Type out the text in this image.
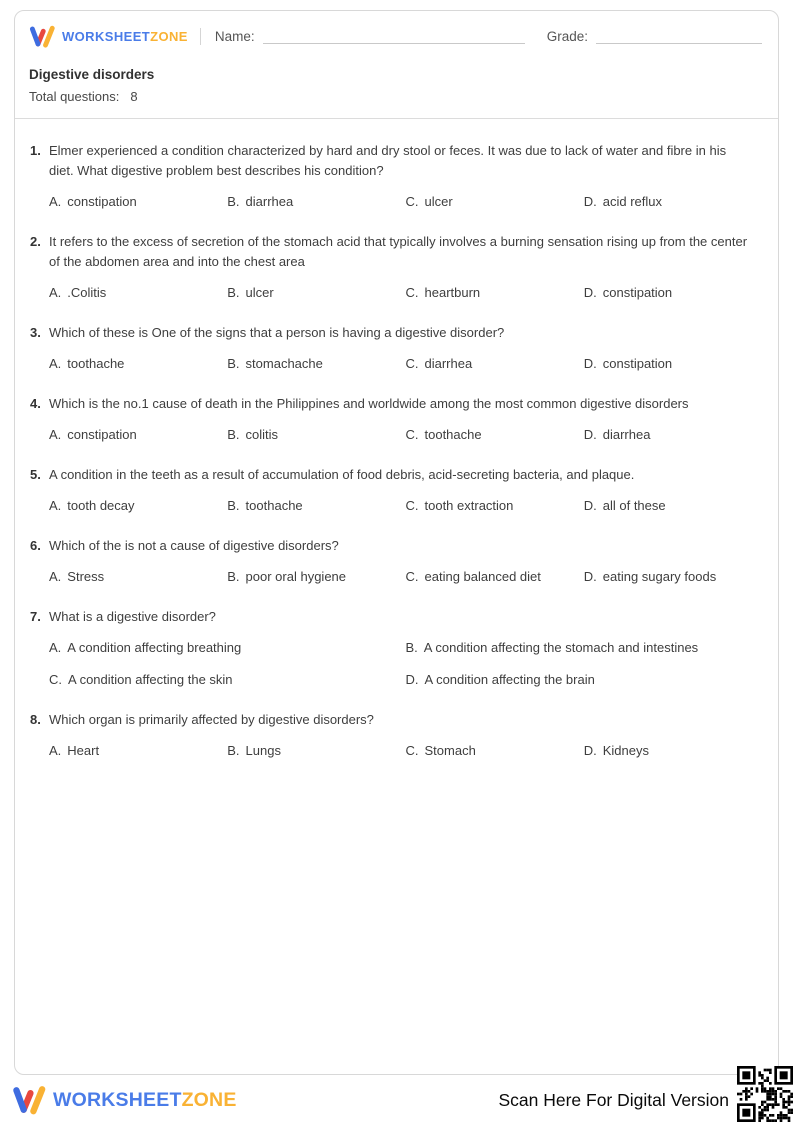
WORKSHEETZONE Name:	Grade:
Digestive disorders
Total questions: 8
1. Elmer experienced a condition characterized by hard and dry stool or feces. It was due to lack of water and fibre in his diet. What digestive problem best describes his condition?
A. constipation	B. diarrhea	C. ulcer	D. acid reflux
2. It refers to the excess of secretion of the stomach acid that typically involves a burning sensation rising up from the center of the abdomen area and into the chest area
A. .Colitis	B. ulcer	C. heartburn	D. constipation
3. Which of these is One of the signs that a person is having a digestive disorder?
A. toothache	B. stomachache	C. diarrhea	D. constipation
4. Which is the no.1 cause of death in the Philippines and worldwide among the most common digestive disorders
A. constipation	B. colitis	C. toothache	D. diarrhea
5. A condition in the teeth as a result of accumulation of food debris, acid-secreting bacteria, and plaque.
A. tooth decay	B. toothache	C. tooth extraction	D. all of these
6. Which of the is not a cause of digestive disorders?
A. Stress	B. poor oral hygiene	C. eating balanced diet	D. eating sugary foods
7. What is a digestive disorder?
A. A condition affecting breathing	B. A condition affecting the stomach and intestines
C. A condition affecting the skin	D. A condition affecting the brain
8. Which organ is primarily affected by digestive disorders?
A. Heart	B. Lungs	C. Stomach	D. Kidneys
WORKSHEETZONE	Scan Here For Digital Version
